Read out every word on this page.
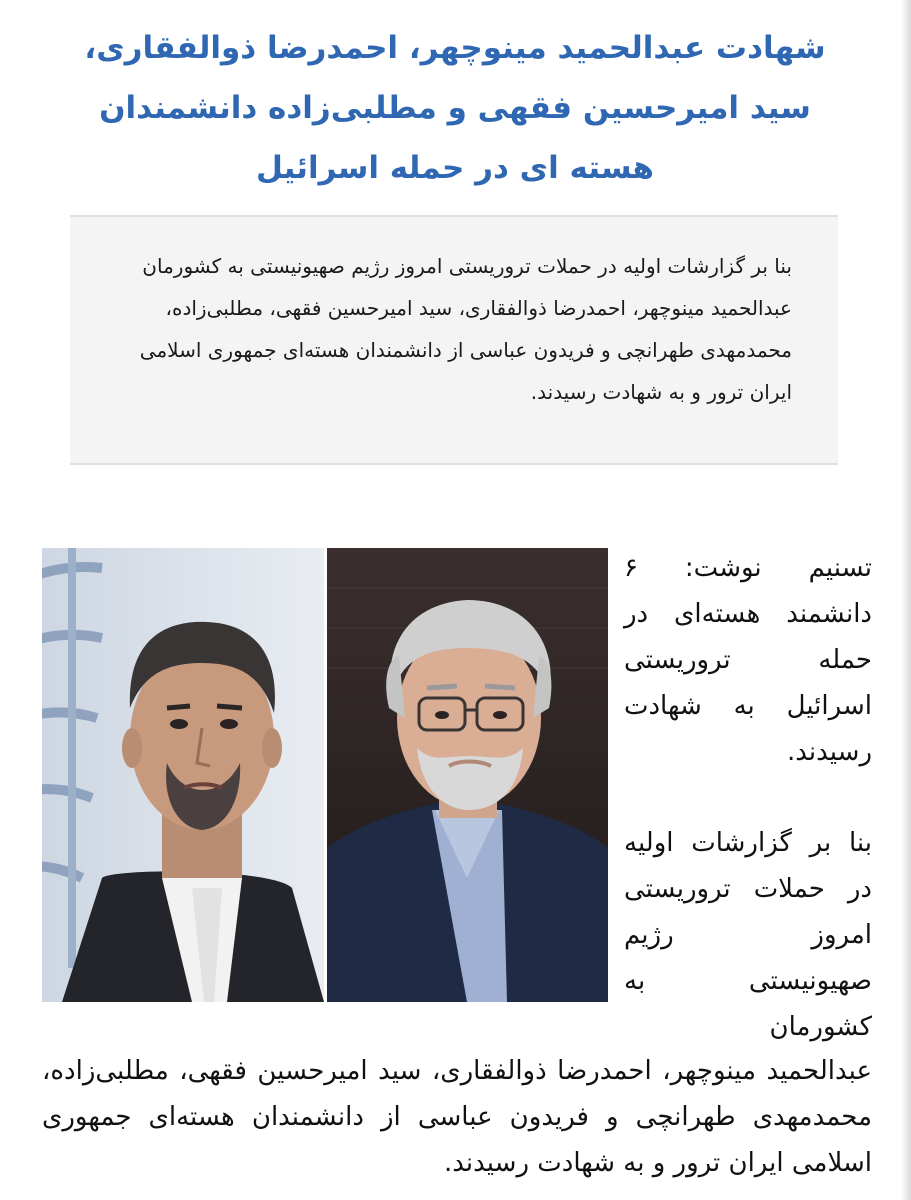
شهادت عبدالحمید مینوچهر، احمدرضا ذوالفقاری، سید امیرحسین فقهی و مطلبی‌زاده دانشمندان هسته ای در حمله اسرائیل

بنا بر گزارشات اولیه در حملات تروریستی امروز رژیم صهیونیستی به کشورمان عبدالحمید مینوچهر، احمدرضا ذوالفقاری، سید امیرحسین فقهی، مطلبی‌زاده، محمدمهدی طهرانچی و فریدون عباسی از دانشمندان هسته‌ای جمهوری اسلامی ایران ترور و به شهادت رسیدند.

تسنیم نوشت: ۶ دانشمند هسته‌ای در حمله تروریستی اسرائیل به شهادت رسیدند.

بنا بر گزارشات اولیه در حملات تروریستی امروز رژیم صهیونیستی به کشورمان

عبدالحمید مینوچهر، احمدرضا ذوالفقاری، سید امیرحسین فقهی، مطلبی‌زاده، محمدمهدی طهرانچی و فریدون عباسی از دانشمندان هسته‌ای جمهوری اسلامی ایران ترور و به شهادت رسیدند.
